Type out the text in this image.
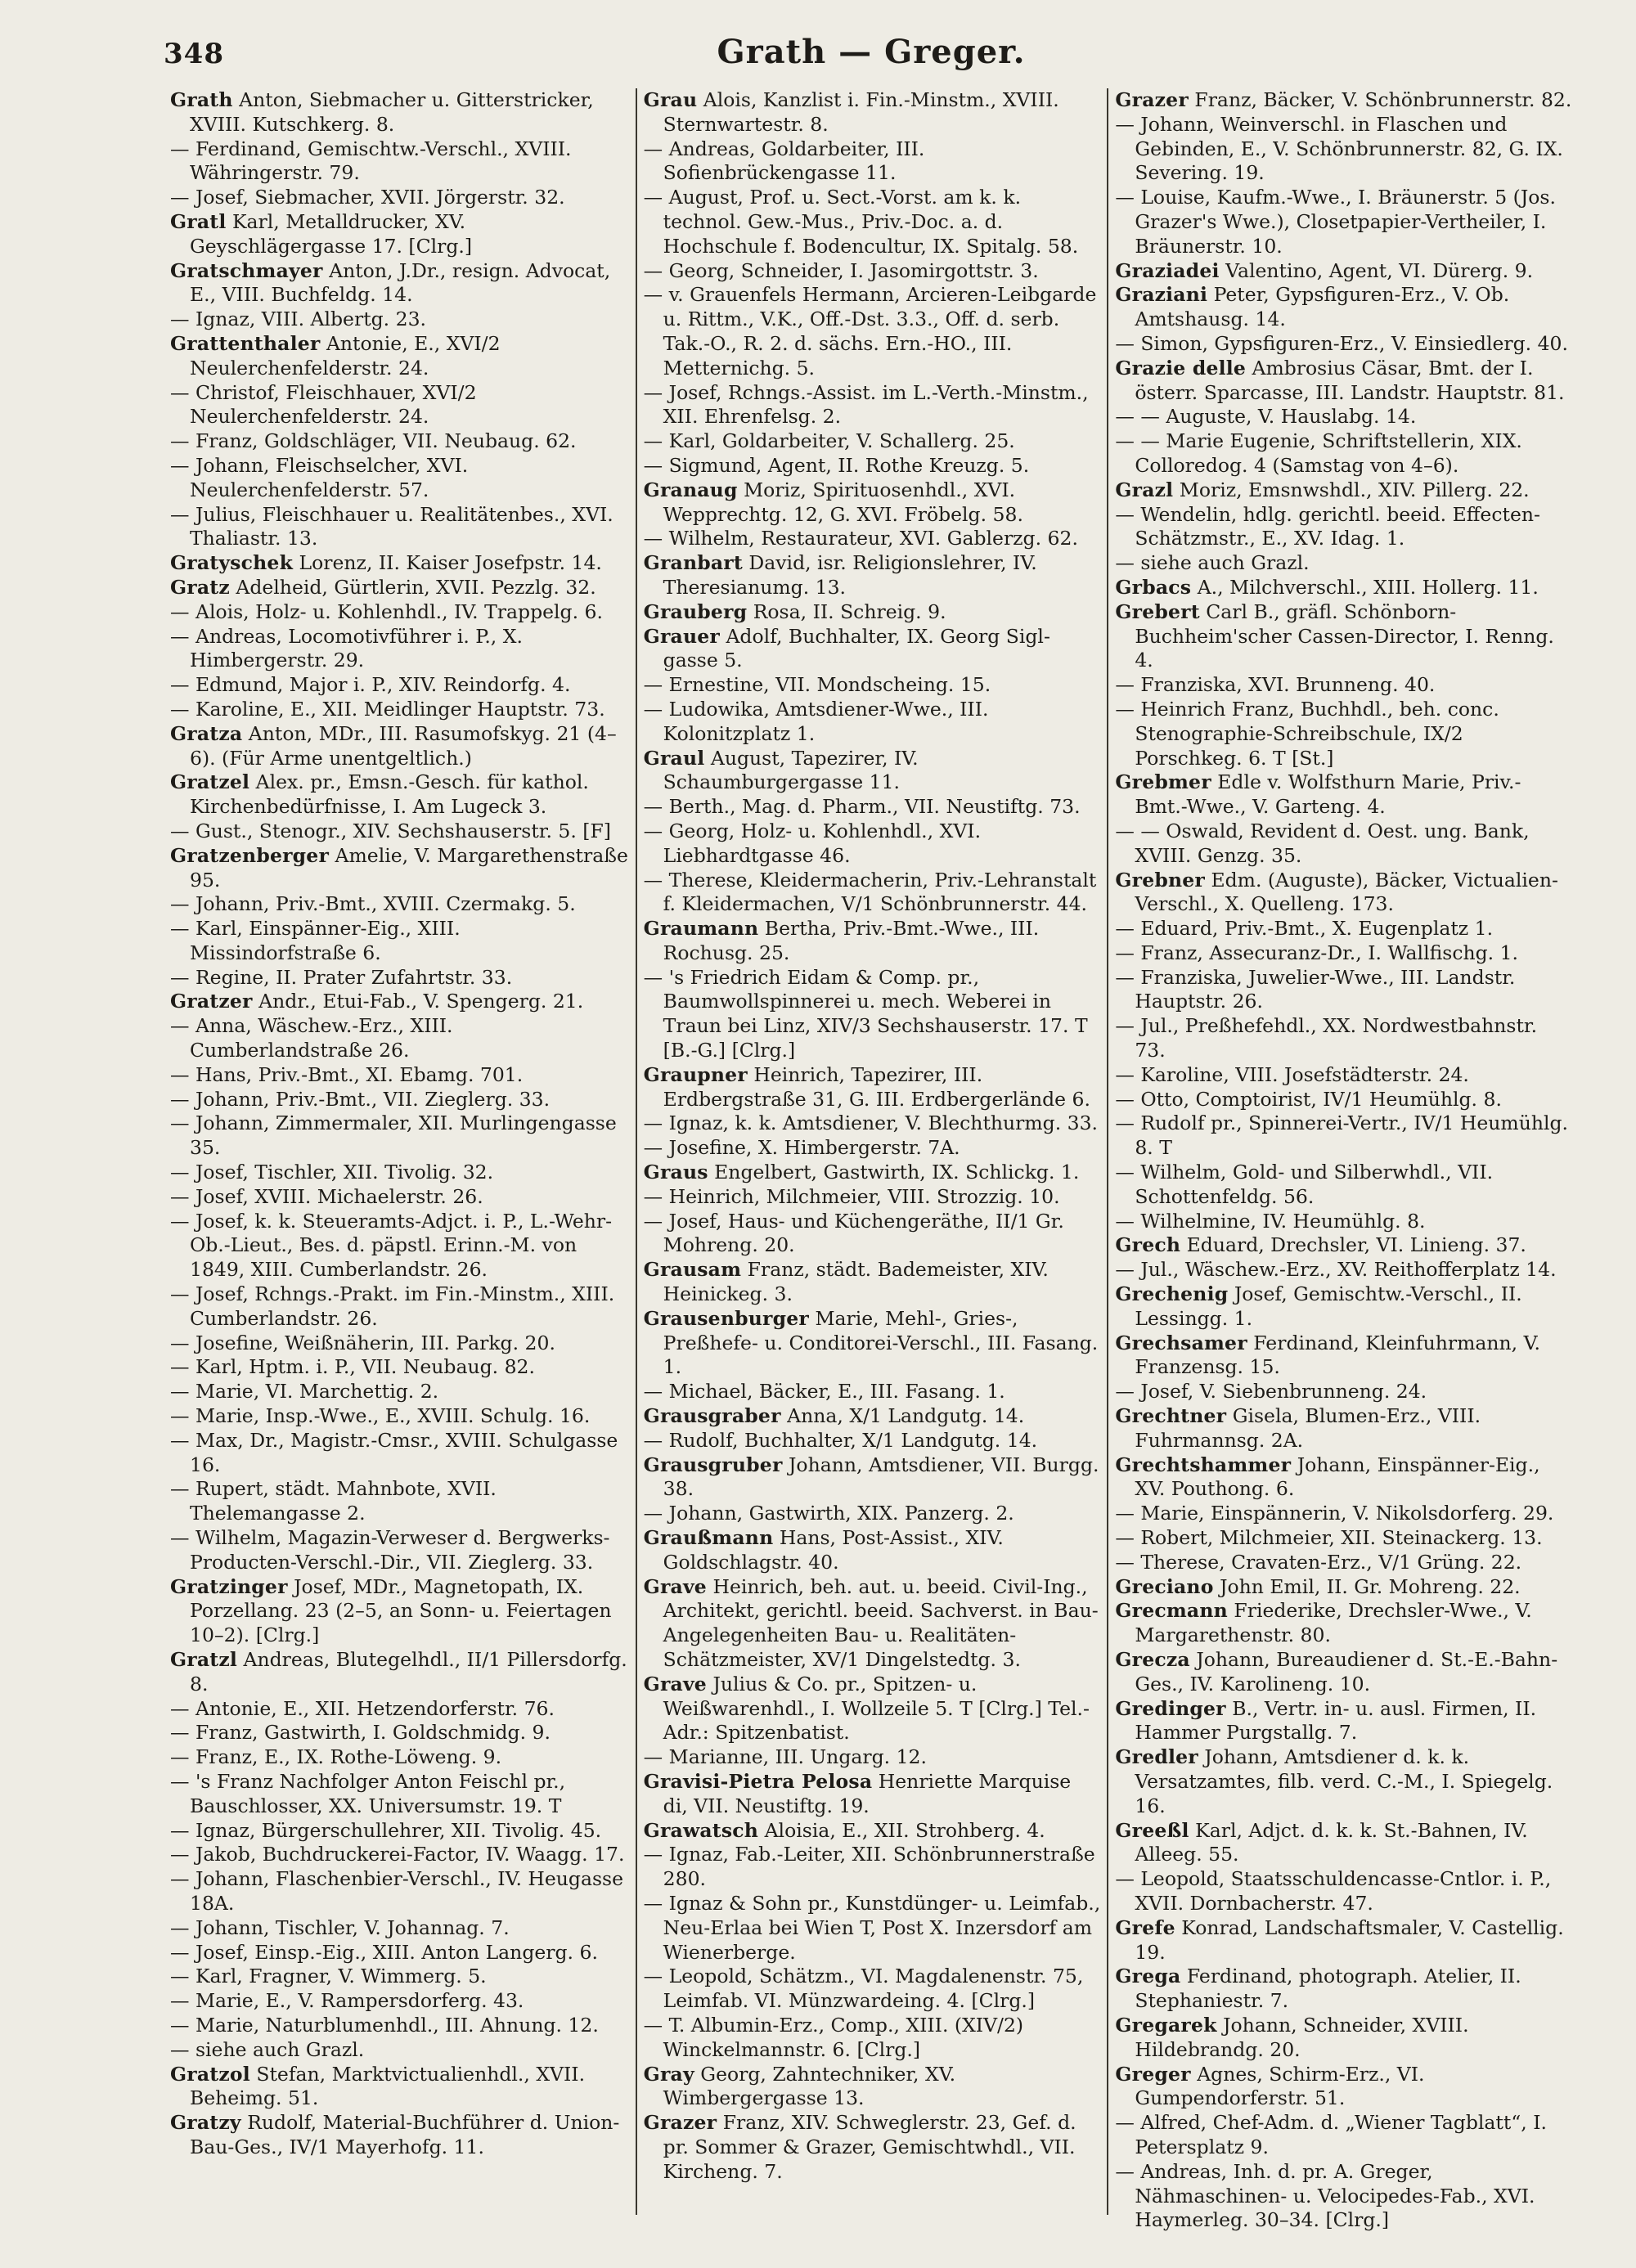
348	Grath — Greger.

Grath Anton, Siebmacher u. Gitterstricker, XVIII. Kutschkerg. 8.

— Ferdinand, Gemischtw.-Verschl., XVIII. Währingerstr. 79.

— Josef, Siebmacher, XVII. Jörgerstr. 32.

Gratl Karl, Metalldrucker, XV. Geyschlägergasse 17. [Clrg.]

Gratschmayer Anton, J.Dr., resign. Advocat, E., VIII. Buchfeldg. 14.

— Ignaz, VIII. Albertg. 23.

Grattenthaler Antonie, E., XVI/2 Neulerchenfelderstr. 24.

— Christof, Fleischhauer, XVI/2 Neulerchenfelderstr. 24.

— Franz, Goldschläger, VII. Neubaug. 62.

— Johann, Fleischselcher, XVI. Neulerchenfelderstr. 57.

— Julius, Fleischhauer u. Realitätenbes., XVI. Thaliastr. 13.

Gratyschek Lorenz, II. Kaiser Josefpstr. 14.

Gratz Adelheid, Gürtlerin, XVII. Pezzlg. 32.

— Alois, Holz- u. Kohlenhdl., IV. Trappelg. 6.

— Andreas, Locomotivführer i. P., X. Himbergerstr. 29.

— Edmund, Major i. P., XIV. Reindorfg. 4.

— Karoline, E., XII. Meidlinger Hauptstr. 73.

Gratza Anton, MDr., III. Rasumofskyg. 21 (4–6). (Für Arme unentgeltlich.)

Gratzel Alex. pr., Emsn.-Gesch. für kathol. Kirchenbedürfnisse, I. Am Lugeck 3.

— Gust., Stenogr., XIV. Sechshauserstr. 5. [F]

Gratzenberger Amelie, V. Margarethenstraße 95.

— Johann, Priv.-Bmt., XVIII. Czermakg. 5.

— Karl, Einspänner-Eig., XIII. Missindorfstraße 6.

— Regine, II. Prater Zufahrtstr. 33.

Gratzer Andr., Etui-Fab., V. Spengerg. 21.

— Anna, Wäschew.-Erz., XIII. Cumberlandstraße 26.

— Hans, Priv.-Bmt., XI. Ebamg. 701.

— Johann, Priv.-Bmt., VII. Zieglerg. 33.

— Johann, Zimmermaler, XII. Murlingengasse 35.

— Josef, Tischler, XII. Tivolig. 32.

— Josef, XVIII. Michaelerstr. 26.

— Josef, k. k. Steueramts-Adjct. i. P., L.-Wehr-Ob.-Lieut., Bes. d. päpstl. Erinn.-M. von 1849, XIII. Cumberlandstr. 26.

— Josef, Rchngs.-Prakt. im Fin.-Minstm., XIII. Cumberlandstr. 26.

— Josefine, Weißnäherin, III. Parkg. 20.

— Karl, Hptm. i. P., VII. Neubaug. 82.

— Marie, VI. Marchettig. 2.

— Marie, Insp.-Wwe., E., XVIII. Schulg. 16.

— Max, Dr., Magistr.-Cmsr., XVIII. Schulgasse 16.

— Rupert, städt. Mahnbote, XVII. Thelemangasse 2.

— Wilhelm, Magazin-Verweser d. Bergwerks-Producten-Verschl.-Dir., VII. Zieglerg. 33.

Gratzinger Josef, MDr., Magnetopath, IX. Porzellang. 23 (2–5, an Sonn- u. Feiertagen 10–2). [Clrg.]

Gratzl Andreas, Blutegelhdl., II/1 Pillersdorfg. 8.

— Antonie, E., XII. Hetzendorferstr. 76.

— Franz, Gastwirth, I. Goldschmidg. 9.

— Franz, E., IX. Rothe-Löweng. 9.

— 's Franz Nachfolger Anton Feischl pr., Bauschlosser, XX. Universumstr. 19. T

— Ignaz, Bürgerschullehrer, XII. Tivolig. 45.

— Jakob, Buchdruckerei-Factor, IV. Waagg. 17.

— Johann, Flaschenbier-Verschl., IV. Heugasse 18A.

— Johann, Tischler, V. Johannag. 7.

— Josef, Einsp.-Eig., XIII. Anton Langerg. 6.

— Karl, Fragner, V. Wimmerg. 5.

— Marie, E., V. Rampersdorferg. 43.

— Marie, Naturblumenhdl., III. Ahnung. 12.

— siehe auch Grazl.

Gratzol Stefan, Marktvictualienhdl., XVII. Beheimg. 51.

Gratzy Rudolf, Material-Buchführer d. Union-Bau-Ges., IV/1 Mayerhofg. 11.

Grau Alois, Kanzlist i. Fin.-Minstm., XVIII. Sternwartestr. 8.

— Andreas, Goldarbeiter, III. Sofienbrückengasse 11.

— August, Prof. u. Sect.-Vorst. am k. k. technol. Gew.-Mus., Priv.-Doc. a. d. Hochschule f. Bodencultur, IX. Spitalg. 58.

— Georg, Schneider, I. Jasomirgottstr. 3.

— v. Grauenfels Hermann, Arcieren-Leibgarde u. Rittm., V.K., Off.-Dst. 3.3., Off. d. serb. Tak.-O., R. 2. d. sächs. Ern.-HO., III. Metternichg. 5.

— Josef, Rchngs.-Assist. im L.-Verth.-Minstm., XII. Ehrenfelsg. 2.

— Karl, Goldarbeiter, V. Schallerg. 25.

— Sigmund, Agent, II. Rothe Kreuzg. 5.

Granaug Moriz, Spirituosenhdl., XVI. Wepprechtg. 12, G. XVI. Fröbelg. 58.

— Wilhelm, Restaurateur, XVI. Gablerzg. 62.

Granbart David, isr. Religionslehrer, IV. Theresianumg. 13.

Grauberg Rosa, II. Schreig. 9.

Grauer Adolf, Buchhalter, IX. Georg Sigl-gasse 5.

— Ernestine, VII. Mondscheing. 15.

— Ludowika, Amtsdiener-Wwe., III. Kolonitzplatz 1.

Graul August, Tapezirer, IV. Schaumburgergasse 11.

— Berth., Mag. d. Pharm., VII. Neustiftg. 73.

— Georg, Holz- u. Kohlenhdl., XVI. Liebhardtgasse 46.

— Therese, Kleidermacherin, Priv.-Lehranstalt f. Kleidermachen, V/1 Schönbrunnerstr. 44.

Graumann Bertha, Priv.-Bmt.-Wwe., III. Rochusg. 25.

— 's Friedrich Eidam & Comp. pr., Baumwollspinnerei u. mech. Weberei in Traun bei Linz, XIV/3 Sechshauserstr. 17. T [B.-G.] [Clrg.]

Graupner Heinrich, Tapezirer, III. Erdbergstraße 31, G. III. Erdbergerlände 6.

— Ignaz, k. k. Amtsdiener, V. Blechthurmg. 33.

— Josefine, X. Himbergerstr. 7A.

Graus Engelbert, Gastwirth, IX. Schlickg. 1.

— Heinrich, Milchmeier, VIII. Strozzig. 10.

— Josef, Haus- und Küchengeräthe, II/1 Gr. Mohreng. 20.

Grausam Franz, städt. Bademeister, XIV. Heinickeg. 3.

Grausenburger Marie, Mehl-, Gries-, Preßhefe- u. Conditorei-Verschl., III. Fasang. 1.

— Michael, Bäcker, E., III. Fasang. 1.

Grausgraber Anna, X/1 Landgutg. 14.

— Rudolf, Buchhalter, X/1 Landgutg. 14.

Grausgruber Johann, Amtsdiener, VII. Burgg. 38.

— Johann, Gastwirth, XIX. Panzerg. 2.

Graußmann Hans, Post-Assist., XIV. Goldschlagstr. 40.

Grave Heinrich, beh. aut. u. beeid. Civil-Ing., Architekt, gerichtl. beeid. Sachverst. in Bau-Angelegenheiten Bau- u. Realitäten-Schätzmeister, XV/1 Dingelstedtg. 3.

Grave Julius & Co. pr., Spitzen- u. Weißwarenhdl., I. Wollzeile 5. T [Clrg.] Tel.-Adr.: Spitzenbatist.

— Marianne, III. Ungarg. 12.

Gravisi-Pietra Pelosa Henriette Marquise di, VII. Neustiftg. 19.

Grawatsch Aloisia, E., XII. Strohberg. 4.

— Ignaz, Fab.-Leiter, XII. Schönbrunnerstraße 280.

— Ignaz & Sohn pr., Kunstdünger- u. Leimfab., Neu-Erlaa bei Wien T, Post X. Inzersdorf am Wienerberge.

— Leopold, Schätzm., VI. Magdalenenstr. 75, Leimfab. VI. Münzwardeing. 4. [Clrg.]

— T. Albumin-Erz., Comp., XIII. (XIV/2) Winckelmannstr. 6. [Clrg.]

Gray Georg, Zahntechniker, XV. Wimbergergasse 13.

Grazer Franz, XIV. Schweglerstr. 23, Gef. d. pr. Sommer & Grazer, Gemischtwhdl., VII. Kircheng. 7.

Grazer Franz, Bäcker, V. Schönbrunnerstr. 82.

— Johann, Weinverschl. in Flaschen und Gebinden, E., V. Schönbrunnerstr. 82, G. IX. Severing. 19.

— Louise, Kaufm.-Wwe., I. Bräunerstr. 5 (Jos. Grazer's Wwe.), Closetpapier-Vertheiler, I. Bräunerstr. 10.

Graziadei Valentino, Agent, VI. Dürerg. 9.

Graziani Peter, Gypsfiguren-Erz., V. Ob. Amtshausg. 14.

— Simon, Gypsfiguren-Erz., V. Einsiedlerg. 40.

Grazie delle Ambrosius Cäsar, Bmt. der I. österr. Sparcasse, III. Landstr. Hauptstr. 81.

— — Auguste, V. Hauslabg. 14.

— — Marie Eugenie, Schriftstellerin, XIX. Colloredog. 4 (Samstag von 4–6).

Grazl Moriz, Emsnwshdl., XIV. Pillerg. 22.

— Wendelin, hdlg. gerichtl. beeid. Effecten-Schätzmstr., E., XV. Idag. 1.

— siehe auch Grazl.

Grbacs A., Milchverschl., XIII. Hollerg. 11.

Grebert Carl B., gräfl. Schönborn-Buchheim'scher Cassen-Director, I. Renng. 4.

— Franziska, XVI. Brunneng. 40.

— Heinrich Franz, Buchhdl., beh. conc. Stenographie-Schreibschule, IX/2 Porschkeg. 6. T [St.]

Grebmer Edle v. Wolfsthurn Marie, Priv.-Bmt.-Wwe., V. Garteng. 4.

— — Oswald, Revident d. Oest. ung. Bank, XVIII. Genzg. 35.

Grebner Edm. (Auguste), Bäcker, Victualien-Verschl., X. Quelleng. 173.

— Eduard, Priv.-Bmt., X. Eugenplatz 1.

— Franz, Assecuranz-Dr., I. Wallfischg. 1.

— Franziska, Juwelier-Wwe., III. Landstr. Hauptstr. 26.

— Jul., Preßhefehdl., XX. Nordwestbahnstr. 73.

— Karoline, VIII. Josefstädterstr. 24.

— Otto, Comptoirist, IV/1 Heumühlg. 8.

— Rudolf pr., Spinnerei-Vertr., IV/1 Heumühlg. 8. T

— Wilhelm, Gold- und Silberwhdl., VII. Schottenfeldg. 56.

— Wilhelmine, IV. Heumühlg. 8.

Grech Eduard, Drechsler, VI. Linieng. 37.

— Jul., Wäschew.-Erz., XV. Reithofferplatz 14.

Grechenig Josef, Gemischtw.-Verschl., II. Lessingg. 1.

Grechsamer Ferdinand, Kleinfuhrmann, V. Franzensg. 15.

— Josef, V. Siebenbrunneng. 24.

Grechtner Gisela, Blumen-Erz., VIII. Fuhrmannsg. 2A.

Grechtshammer Johann, Einspänner-Eig., XV. Pouthong. 6.

— Marie, Einspännerin, V. Nikolsdorferg. 29.

— Robert, Milchmeier, XII. Steinackerg. 13.

— Therese, Cravaten-Erz., V/1 Grüng. 22.

Greciano John Emil, II. Gr. Mohreng. 22.

Grecmann Friederike, Drechsler-Wwe., V. Margarethenstr. 80.

Grecza Johann, Bureaudiener d. St.-E.-Bahn-Ges., IV. Karolineng. 10.

Gredinger B., Vertr. in- u. ausl. Firmen, II. Hammer Purgstallg. 7.

Gredler Johann, Amtsdiener d. k. k. Versatzamtes, filb. verd. C.-M., I. Spiegelg. 16.

Greeßl Karl, Adjct. d. k. k. St.-Bahnen, IV. Alleeg. 55.

— Leopold, Staatsschuldencasse-Cntlor. i. P., XVII. Dornbacherstr. 47.

Grefe Konrad, Landschaftsmaler, V. Castellig. 19.

Grega Ferdinand, photograph. Atelier, II. Stephaniestr. 7.

Gregarek Johann, Schneider, XVIII. Hildebrandg. 20.

Greger Agnes, Schirm-Erz., VI. Gumpendorferstr. 51.

— Alfred, Chef-Adm. d. „Wiener Tagblatt“, I. Petersplatz 9.

— Andreas, Inh. d. pr. A. Greger, Nähmaschinen- u. Velocipedes-Fab., XVI. Haymerleg. 30–34. [Clrg.]
